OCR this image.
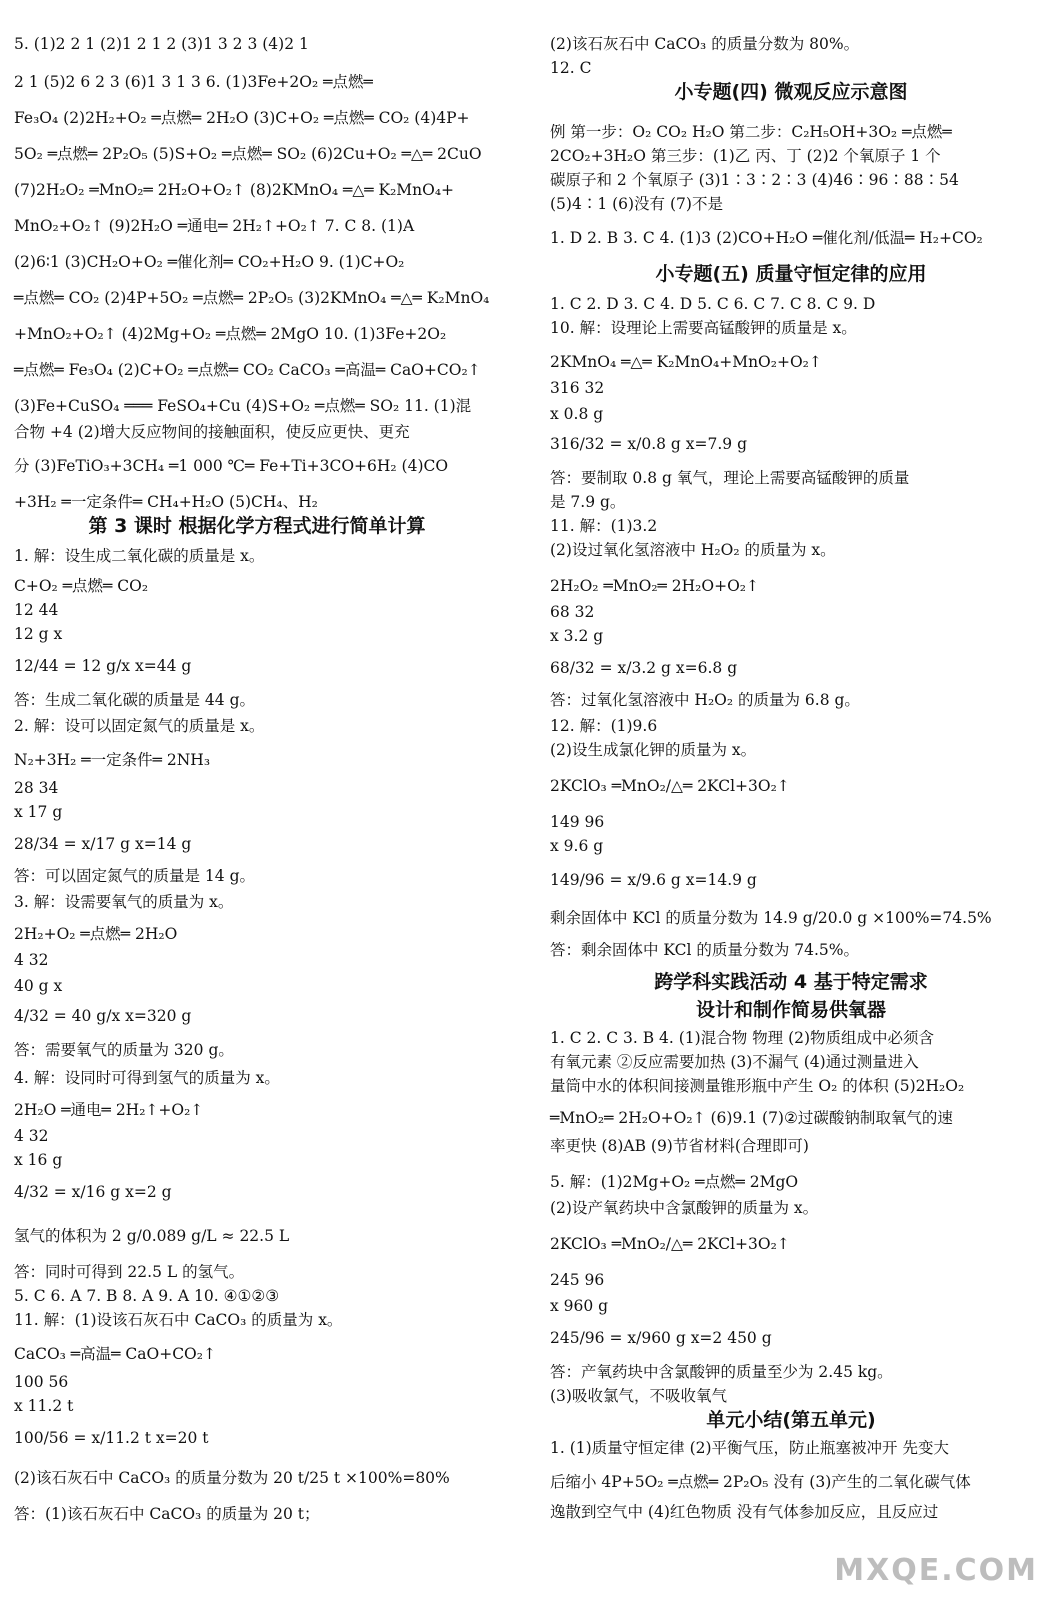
5. (1)2 2 1 (2)1 2 1 2 (3)1 3 2 3 (4)2 1
2 1 (5)2 6 2 3 (6)1 3 1 3 6. (1)3Fe+2O₂ ═点燃═
Fe₃O₄ (2)2H₂+O₂ ═点燃═ 2H₂O (3)C+O₂ ═点燃═ CO₂ (4)4P+
5O₂ ═点燃═ 2P₂O₅ (5)S+O₂ ═点燃═ SO₂ (6)2Cu+O₂ ═△═ 2CuO
(7)2H₂O₂ ═MnO₂═ 2H₂O+O₂↑ (8)2KMnO₄ ═△═ K₂MnO₄+
MnO₂+O₂↑ (9)2H₂O ═通电═ 2H₂↑+O₂↑ 7. C 8. (1)A
(2)6∶1 (3)CH₂O+O₂ ═催化剂═ CO₂+H₂O 9. (1)C+O₂
═点燃═ CO₂ (2)4P+5O₂ ═点燃═ 2P₂O₅ (3)2KMnO₄ ═△═ K₂MnO₄
+MnO₂+O₂↑ (4)2Mg+O₂ ═点燃═ 2MgO 10. (1)3Fe+2O₂
═点燃═ Fe₃O₄ (2)C+O₂ ═点燃═ CO₂ CaCO₃ ═高温═ CaO+CO₂↑
(3)Fe+CuSO₄ ═══ FeSO₄+Cu (4)S+O₂ ═点燃═ SO₂ 11. (1)混
合物 +4 (2)增大反应物间的接触面积，使反应更快、更充
分 (3)FeTiO₃+3CH₄ ═1 000 ℃═ Fe+Ti+3CO+6H₂ (4)CO
+3H₂ ═一定条件═ CH₄+H₂O (5)CH₄、H₂
1. 解：设生成二氧化碳的质量是 x。
C+O₂ ═点燃═ CO₂
12 44
12 g x
12/44 = 12 g/x x=44 g
答：生成二氧化碳的质量是 44 g。
2. 解：设可以固定氮气的质量是 x。
N₂+3H₂ ═一定条件═ 2NH₃
28 34
x 17 g
28/34 = x/17 g x=14 g
答：可以固定氮气的质量是 14 g。
3. 解：设需要氧气的质量为 x。
2H₂+O₂ ═点燃═ 2H₂O
4 32
40 g x
4/32 = 40 g/x x=320 g
答：需要氧气的质量为 320 g。
4. 解：设同时可得到氢气的质量为 x。
2H₂O ═通电═ 2H₂↑+O₂↑
4 32
x 16 g
4/32 = x/16 g x=2 g
氢气的体积为 2 g/0.089 g/L ≈ 22.5 L
答：同时可得到 22.5 L 的氢气。
5. C 6. A 7. B 8. A 9. A 10. ④①②③
11. 解：(1)设该石灰石中 CaCO₃ 的质量为 x。
CaCO₃ ═高温═ CaO+CO₂↑
100 56
x 11.2 t
100/56 = x/11.2 t x=20 t
(2)该石灰石中 CaCO₃ 的质量分数为 20 t/25 t ×100%=80%
答：(1)该石灰石中 CaCO₃ 的质量为 20 t；
第 3 课时 根据化学方程式进行简单计算
(2)该石灰石中 CaCO₃ 的质量分数为 80%。
12. C
例 第一步：O₂ CO₂ H₂O 第二步：C₂H₅OH+3O₂ ═点燃═
2CO₂+3H₂O 第三步：(1)乙 丙、丁 (2)2 个氧原子 1 个
碳原子和 2 个氧原子 (3)1∶3∶2∶3 (4)46∶96∶88∶54
(5)4∶1 (6)没有 (7)不是
1. D 2. B 3. C 4. (1)3 (2)CO+H₂O ═催化剂/低温═ H₂+CO₂
1. C 2. D 3. C 4. D 5. C 6. C 7. C 8. C 9. D
10. 解：设理论上需要高锰酸钾的质量是 x。
2KMnO₄ ═△═ K₂MnO₄+MnO₂+O₂↑
316 32
x 0.8 g
316/32 = x/0.8 g x=7.9 g
答：要制取 0.8 g 氧气，理论上需要高锰酸钾的质量
是 7.9 g。
11. 解：(1)3.2
(2)设过氧化氢溶液中 H₂O₂ 的质量为 x。
2H₂O₂ ═MnO₂═ 2H₂O+O₂↑
68 32
x 3.2 g
68/32 = x/3.2 g x=6.8 g
答：过氧化氢溶液中 H₂O₂ 的质量为 6.8 g。
12. 解：(1)9.6
(2)设生成氯化钾的质量为 x。
2KClO₃ ═MnO₂/△═ 2KCl+3O₂↑
149 96
x 9.6 g
149/96 = x/9.6 g x=14.9 g
剩余固体中 KCl 的质量分数为 14.9 g/20.0 g ×100%=74.5%
答：剩余固体中 KCl 的质量分数为 74.5%。
1. C 2. C 3. B 4. (1)混合物 物理 (2)物质组成中必须含
有氧元素 ②反应需要加热 (3)不漏气 (4)通过测量进入
量筒中水的体积间接测量锥形瓶中产生 O₂ 的体积 (5)2H₂O₂
═MnO₂═ 2H₂O+O₂↑ (6)9.1 (7)②过碳酸钠制取氧气的速
率更快 (8)AB (9)节省材料(合理即可)
5. 解：(1)2Mg+O₂ ═点燃═ 2MgO
(2)设产氧药块中含氯酸钾的质量为 x。
2KClO₃ ═MnO₂/△═ 2KCl+3O₂↑
245 96
x 960 g
245/96 = x/960 g x=2 450 g
答：产氧药块中含氯酸钾的质量至少为 2.45 kg。
(3)吸收氯气，不吸收氧气
1. (1)质量守恒定律 (2)平衡气压，防止瓶塞被冲开 先变大
后缩小 4P+5O₂ ═点燃═ 2P₂O₅ 没有 (3)产生的二氧化碳气体
逸散到空气中 (4)红色物质 没有气体参加反应，且反应过
小专题(四) 微观反应示意图
小专题(五) 质量守恒定律的应用
跨学科实践活动 4 基于特定需求
设计和制作简易供氧器
单元小结(第五单元)
MXQE.COM
